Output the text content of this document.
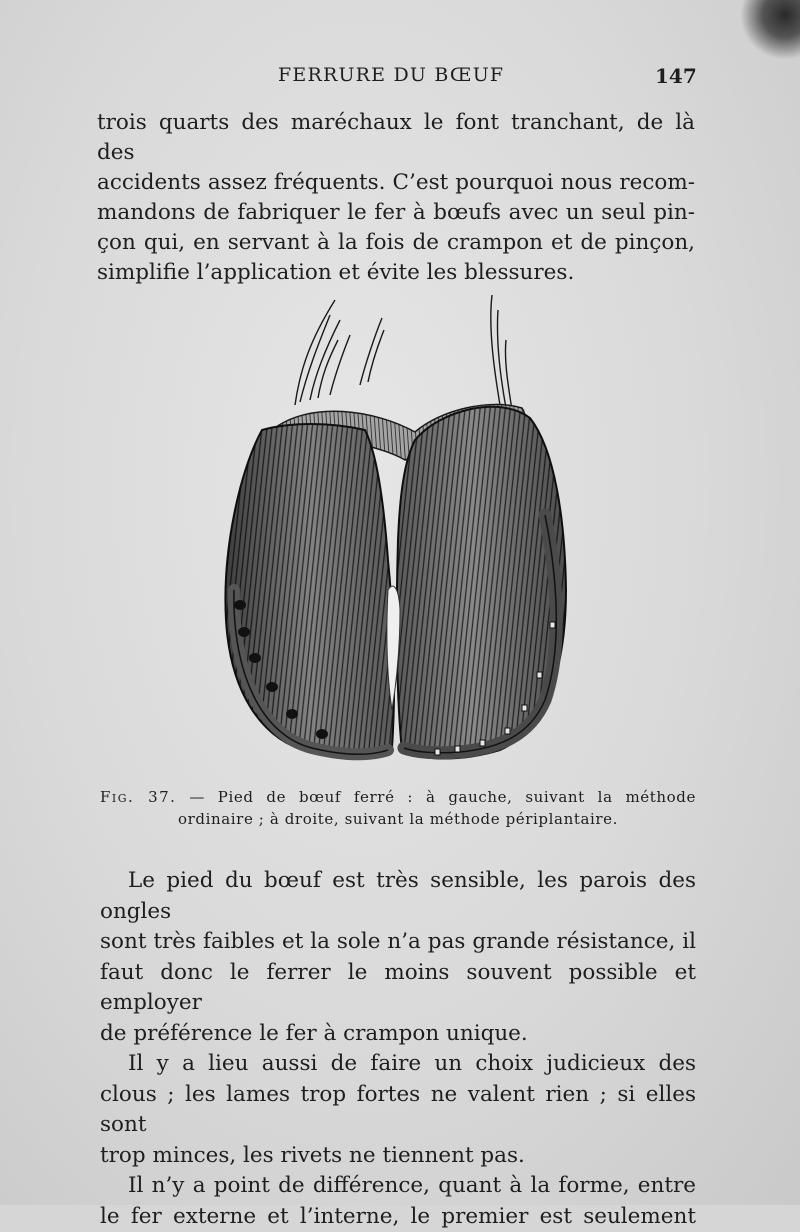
FERRURE DU BŒUF	147

trois quarts des maréchaux le font tranchant, de là des
accidents assez fréquents. C’est pourquoi nous recom-
mandons de fabriquer le fer à bœufs avec un seul pin-
çon qui, en servant à la fois de crampon et de pinçon,
simplifie l’application et évite les blessures.

Fig. 37. — Pied de bœuf ferré : à gauche, suivant la méthode
ordinaire ; à droite, suivant la méthode périplantaire.
Le pied du bœuf est très sensible, les parois des ongles
sont très faibles et la sole n’a pas grande résistance, il
faut donc le ferrer le moins souvent possible et employer
de préférence le fer à crampon unique.
Il y a lieu aussi de faire un choix judicieux des
clous ; les lames trop fortes ne valent rien ; si elles sont
trop minces, les rivets ne tiennent pas.
Il n’y a point de différence, quant à la forme, entre
le fer externe et l’interne, le premier est seulement
